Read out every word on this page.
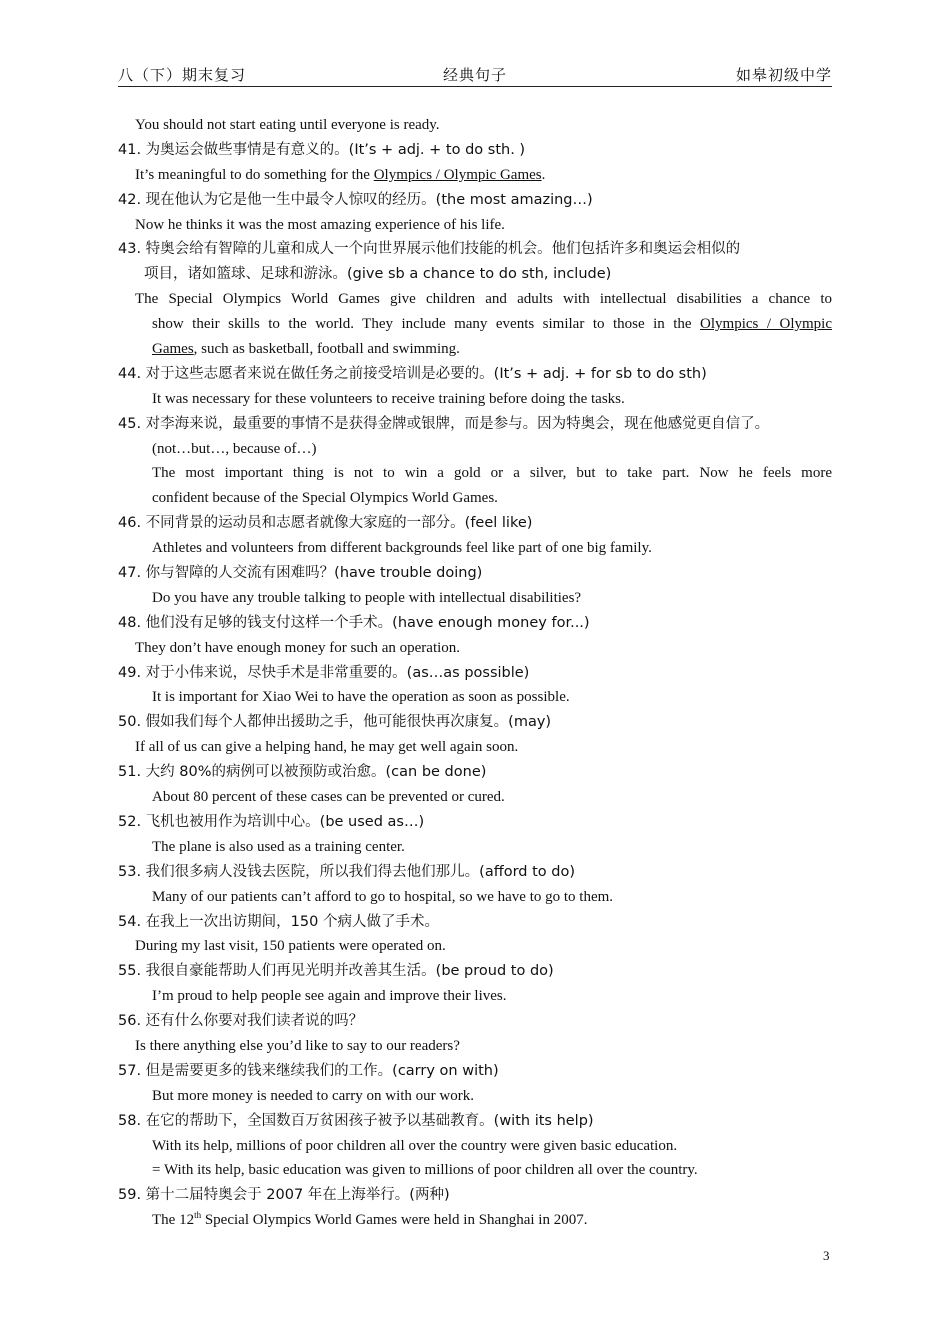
八（下）期末复习	经典句子	如皋初级中学
You should not start eating until everyone is ready.
41. 为奥运会做些事情是有意义的。(It’s + adj. + to do sth. )
It’s meaningful to do something for the Olympics / Olympic Games.
42. 现在他认为它是他一生中最令人惊叹的经历。(the most amazing…)
Now he thinks it was the most amazing experience of his life.
43. 特奥会给有智障的儿童和成人一个向世界展示他们技能的机会。他们包括许多和奥运会相似的
项目，诸如篮球、足球和游泳。(give sb a chance to do sth, include)
The Special Olympics World Games give children and adults with intellectual disabilities a chance to
show their skills to the world. They include many events similar to those in the Olympics / Olympic
Games, such as basketball, football and swimming.
44. 对于这些志愿者来说在做任务之前接受培训是必要的。(It’s + adj. + for sb to do sth)
It was necessary for these volunteers to receive training before doing the tasks.
45. 对李海来说，最重要的事情不是获得金牌或银牌，而是参与。因为特奥会，现在他感觉更自信了。
(not…but…, because of…)
The most important thing is not to win a gold or a silver, but to take part. Now he feels more
confident because of the Special Olympics World Games.
46. 不同背景的运动员和志愿者就像大家庭的一部分。(feel like)
Athletes and volunteers from different backgrounds feel like part of one big family.
47. 你与智障的人交流有困难吗？(have trouble doing)
Do you have any trouble talking to people with intellectual disabilities?
48. 他们没有足够的钱支付这样一个手术。(have enough money for...)
They don’t have enough money for such an operation.
49. 对于小伟来说，尽快手术是非常重要的。(as…as possible)
It is important for Xiao Wei to have the operation as soon as possible.
50. 假如我们每个人都伸出援助之手，他可能很快再次康复。(may)
If all of us can give a helping hand, he may get well again soon.
51. 大约 80%的病例可以被预防或治愈。(can be done)
About 80 percent of these cases can be prevented or cured.
52. 飞机也被用作为培训中心。(be used as…)
The plane is also used as a training center.
53. 我们很多病人没钱去医院，所以我们得去他们那儿。(afford to do)
Many of our patients can’t afford to go to hospital, so we have to go to them.
54. 在我上一次出访期间，150 个病人做了手术。
During my last visit, 150 patients were operated on.
55. 我很自豪能帮助人们再见光明并改善其生活。(be proud to do)
I’m proud to help people see again and improve their lives.
56. 还有什么你要对我们读者说的吗？
Is there anything else you’d like to say to our readers?
57. 但是需要更多的钱来继续我们的工作。(carry on with)
But more money is needed to carry on with our work.
58. 在它的帮助下，全国数百万贫困孩子被予以基础教育。(with its help)
With its help, millions of poor children all over the country were given basic education.
= With its help, basic education was given to millions of poor children all over the country.
59. 第十二届特奥会于 2007 年在上海举行。(两种)
The 12th Special Olympics World Games were held in Shanghai in 2007.
3
